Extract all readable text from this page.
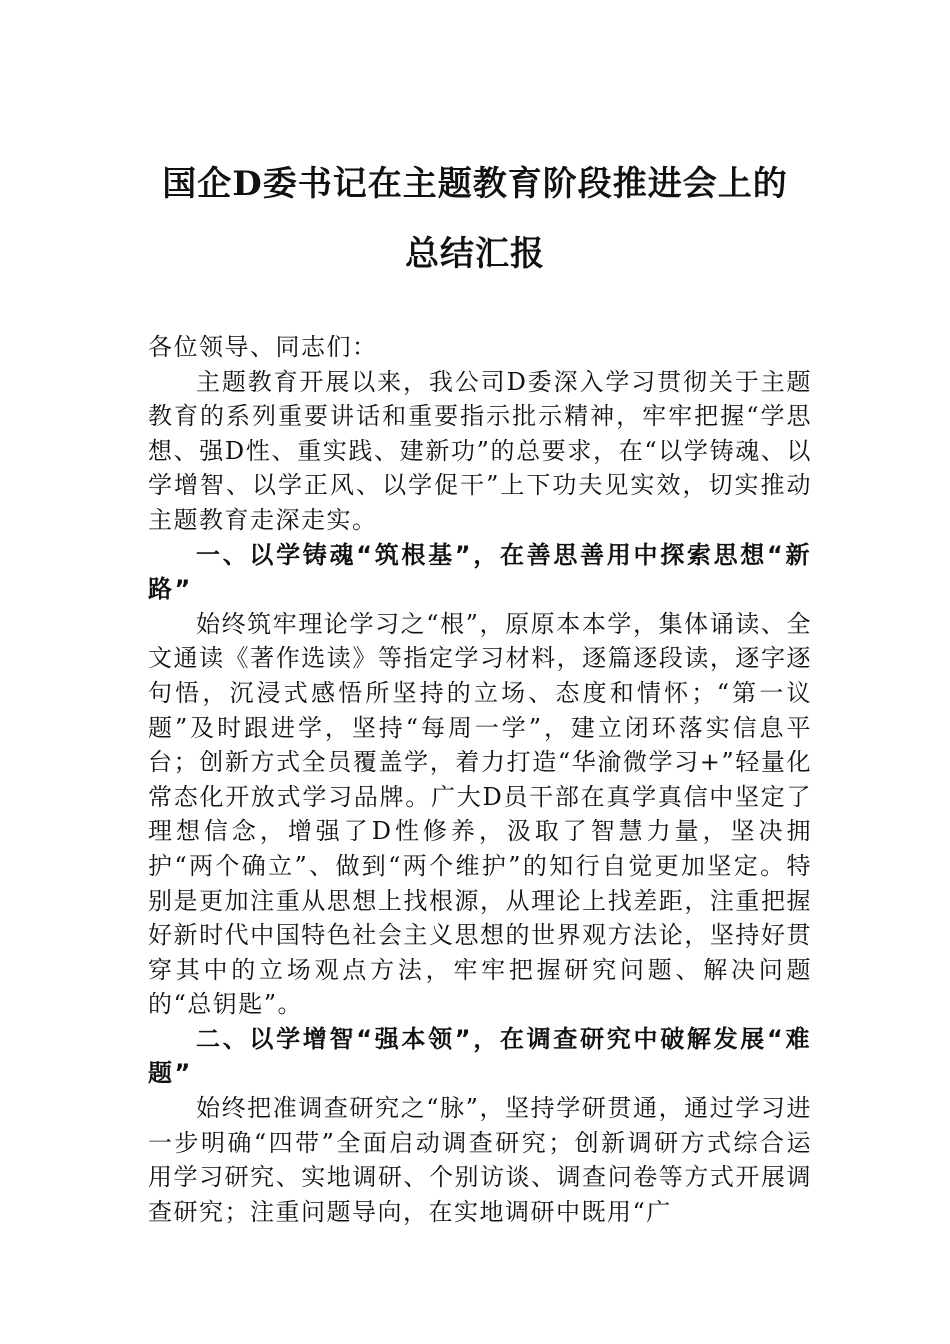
国企D委书记在主题教育阶段推进会上的
总结汇报

各位领导、同志们：

主题教育开展以来，我公司D委深入学习贯彻关于主题教育的系列重要讲话和重要指示批示精神，牢牢把握“学思想、强D性、重实践、建新功”的总要求，在“以学铸魂、以学增智、以学正风、以学促干”上下功夫见实效，切实推动主题教育走深走实。

一、以学铸魂“筑根基”，在善思善用中探索思想“新路”

始终筑牢理论学习之“根”，原原本本学，集体诵读、全文通读《著作选读》等指定学习材料，逐篇逐段读，逐字逐句悟，沉浸式感悟所坚持的立场、态度和情怀；“第一议题”及时跟进学，坚持“每周一学”，建立闭环落实信息平台；创新方式全员覆盖学，着力打造“华渝微学习+”轻量化常态化开放式学习品牌。广大D员干部在真学真信中坚定了理想信念，增强了D性修养，汲取了智慧力量，坚决拥护“两个确立”、做到“两个维护”的知行自觉更加坚定。特别是更加注重从思想上找根源，从理论上找差距，注重把握好新时代中国特色社会主义思想的世界观方法论，坚持好贯穿其中的立场观点方法，牢牢把握研究问题、解决问题的“总钥匙”。

二、以学增智“强本领”，在调查研究中破解发展“难题”

始终把准调查研究之“脉”，坚持学研贯通，通过学习进一步明确“四带”全面启动调查研究；创新调研方式综合运用学习研究、实地调研、个别访谈、调查问卷等方式开展调查研究；注重问题导向，在实地调研中既用“广
